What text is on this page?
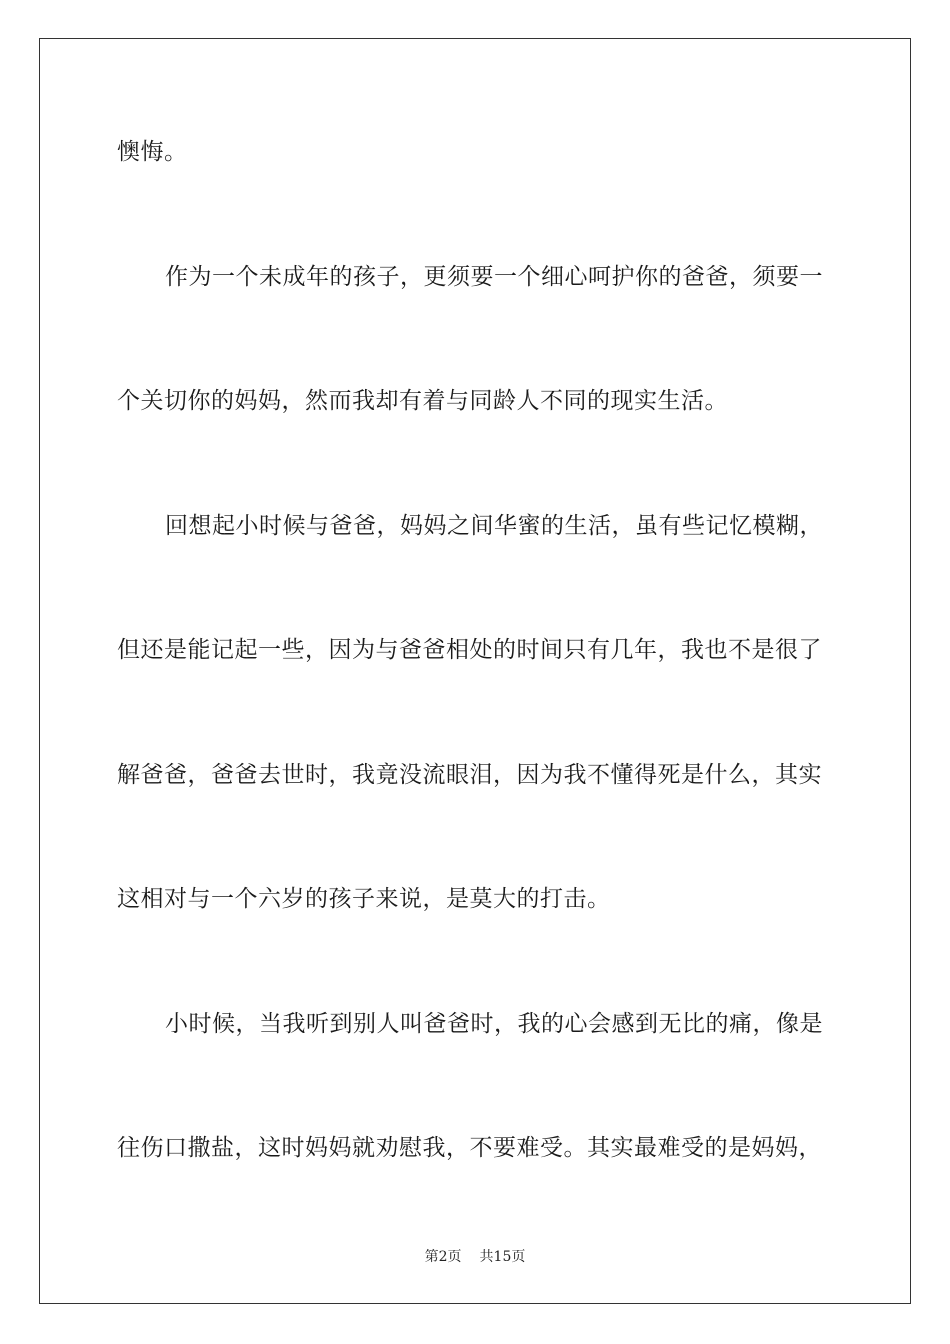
懊悔。
作为一个未成年的孩子，更须要一个细心呵护你的爸爸，须要一
个关切你的妈妈，然而我却有着与同龄人不同的现实生活。
回想起小时候与爸爸，妈妈之间华蜜的生活，虽有些记忆模糊，
但还是能记起一些，因为与爸爸相处的时间只有几年，我也不是很了
解爸爸，爸爸去世时，我竟没流眼泪，因为我不懂得死是什么，其实
这相对与一个六岁的孩子来说，是莫大的打击。
小时候，当我听到别人叫爸爸时，我的心会感到无比的痛，像是
往伤口撒盐，这时妈妈就劝慰我，不要难受。其实最难受的是妈妈，
第2页 共15页
